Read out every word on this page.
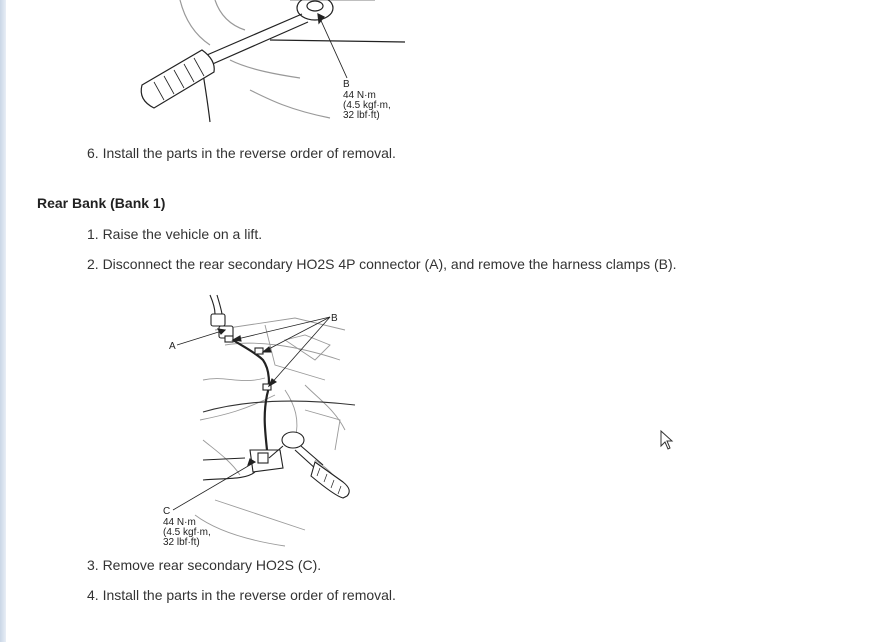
B
44 N·m
(4.5 kgf·m,
32 lbf·ft)
6. Install the parts in the reverse order of removal.
Rear Bank (Bank 1)
1. Raise the vehicle on a lift.
2. Disconnect the rear secondary HO2S 4P connector (A), and remove the harness clamps (B).
A
B
C
44 N·m
(4.5 kgf·m,
32 lbf·ft)
3. Remove rear secondary HO2S (C).
4. Install the parts in the reverse order of removal.
